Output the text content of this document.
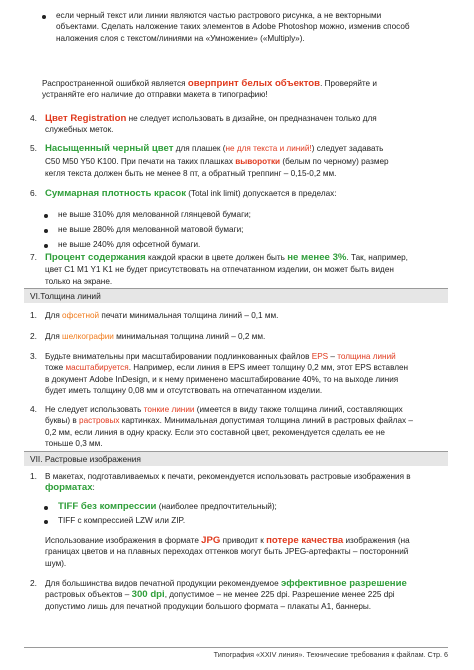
если черный текст или линии являются частью растрового рисунка, а не векторными
объектами. Сделать наложение таких элементов в Adobe Photoshop можно, изменив способ
наложения слоя с текстом/линиями на «Умножение» («Multiply»).

Распространенной ошибкой является оверпринт белых объектов. Проверяйте и
устраняйте его наличие до отправки макета в типографию!

4. Цвет Registration не следует использовать в дизайне, он предназначен только для
служебных меток.

5. Насыщенный черный цвет для плашек (не для текста и линий!) следует задавать
C50 M50 Y50 K100. При печати на таких плашках выворотки (белым по черному) размер
кегля текста должен быть не менее 8 пт, а обратный треппинг – 0,15-0,2 мм.

6. Суммарная плотность красок (Total ink limit) допускается в пределах:

не выше 310% для мелованной глянцевой бумаги;

не выше 280% для мелованной матовой бумаги;

не выше 240% для офсетной бумаги.

7. Процент содержания каждой краски в цвете должен быть не менее 3%. Так, например,
цвет C1 M1 Y1 K1 не будет присутствовать на отпечатанном изделии, он может быть виден
только на экране.

VI.Толщина линий
1. Для офсетной печати минимальная толщина линий – 0,1 мм.

2. Для шелкографии минимальная толщина линий – 0,2 мм.

3. Будьте внимательны при масштабировании подлинкованных файлов EPS – толщина линий
тоже масштабируется. Например, если линия в EPS имеет толщину 0,2 мм, этот EPS вставлен
в документ Adobe InDesign, и к нему применено масштабирование 40%, то на выходе линия
будет иметь толщину 0,08 мм и отсутствовать на отпечатанном изделии.

4. Не следует использовать тонкие линии (имеется в виду также толщина линий, составляющих
буквы) в растровых картинках. Минимальная допустимая толщина линий в растровых файлах –
0,2 мм, если линия в одну краску. Если это составной цвет, рекомендуется сделать ее не
тоньше 0,3 мм.

VII. Растровые изображения
1. В макетах, подготавливаемых к печати, рекомендуется использовать растровые изображения в
форматах:

TIFF без компрессии (наиболее предпочтительный);

TIFF с компрессией LZW или ZIP.

Использование изображения в формате JPG приводит к потере качества изображения (на
границах цветов и на плавных переходах оттенков могут быть JPEG-артефакты – посторонний
шум).

2. Для большинства видов печатной продукции рекомендуемое эффективное разрешение
растровых объектов – 300 dpi, допустимое – не менее 225 dpi. Разрешение менее 225 dpi
допустимо лишь для печатной продукции большого формата – плакаты А1, баннеры.

Типография «XXIV линия». Технические требования к файлам. Стр. 6
